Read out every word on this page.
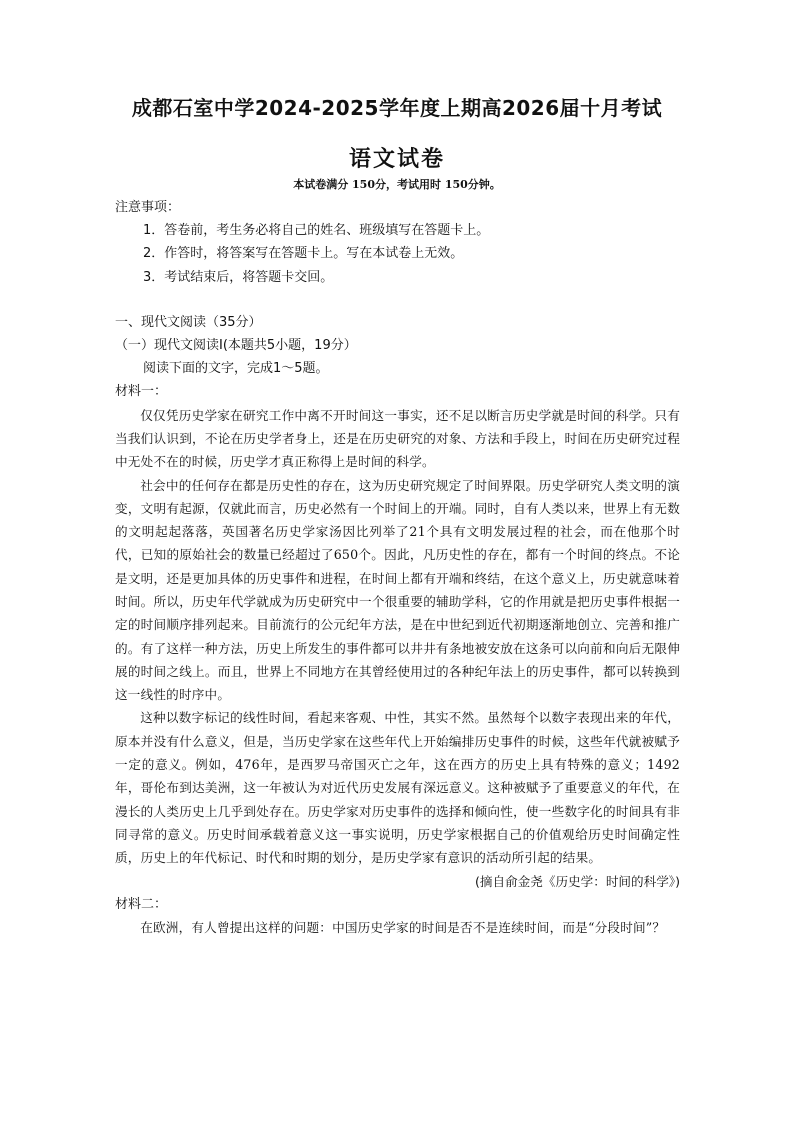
成都石室中学2024-2025学年度上期高2026届十月考试
语文试卷
本试卷满分 150分，考试用时 150分钟。
注意事项：
1．答卷前，考生务必将自己的姓名、班级填写在答题卡上。
2．作答时，将答案写在答题卡上。写在本试卷上无效。
3．考试结束后，将答题卡交回。
一、现代文阅读（35分）
（一）现代文阅读Ⅰ(本题共5小题，19分）
阅读下面的文字，完成1～5题。
材料一：
仅仅凭历史学家在研究工作中离不开时间这一事实，还不足以断言历史学就是时间的科学。只有当我们认识到，不论在历史学者身上，还是在历史研究的对象、方法和手段上，时间在历史研究过程中无处不在的时候，历史学才真正称得上是时间的科学。
社会中的任何存在都是历史性的存在，这为历史研究规定了时间界限。历史学研究人类文明的演变，文明有起源，仅就此而言，历史必然有一个时间上的开端。同时，自有人类以来，世界上有无数的文明起起落落，英国著名历史学家汤因比列举了21个具有文明发展过程的社会，而在他那个时代，已知的原始社会的数量已经超过了650个。因此，凡历史性的存在，都有一个时间的终点。不论是文明，还是更加具体的历史事件和进程，在时间上都有开端和终结，在这个意义上，历史就意味着时间。所以，历史年代学就成为历史研究中一个很重要的辅助学科，它的作用就是把历史事件根据一定的时间顺序排列起来。目前流行的公元纪年方法，是在中世纪到近代初期逐渐地创立、完善和推广的。有了这样一种方法，历史上所发生的事件都可以井井有条地被安放在这条可以向前和向后无限伸展的时间之线上。而且，世界上不同地方在其曾经使用过的各种纪年法上的历史事件，都可以转换到这一线性的时序中。
这种以数字标记的线性时间，看起来客观、中性，其实不然。虽然每个以数字表现出来的年代，原本并没有什么意义，但是，当历史学家在这些年代上开始编排历史事件的时候，这些年代就被赋予一定的意义。例如，476年，是西罗马帝国灭亡之年，这在西方的历史上具有特殊的意义；1492年，哥伦布到达美洲，这一年被认为对近代历史发展有深远意义。这种被赋予了重要意义的年代，在漫长的人类历史上几乎到处存在。历史学家对历史事件的选择和倾向性，使一些数字化的时间具有非同寻常的意义。历史时间承载着意义这一事实说明，历史学家根据自己的价值观给历史时间确定性质，历史上的年代标记、时代和时期的划分，是历史学家有意识的活动所引起的结果。
(摘自俞金尧《历史学：时间的科学》)
材料二：
在欧洲，有人曾提出这样的问题：中国历史学家的时间是否不是连续时间，而是“分段时间”？
